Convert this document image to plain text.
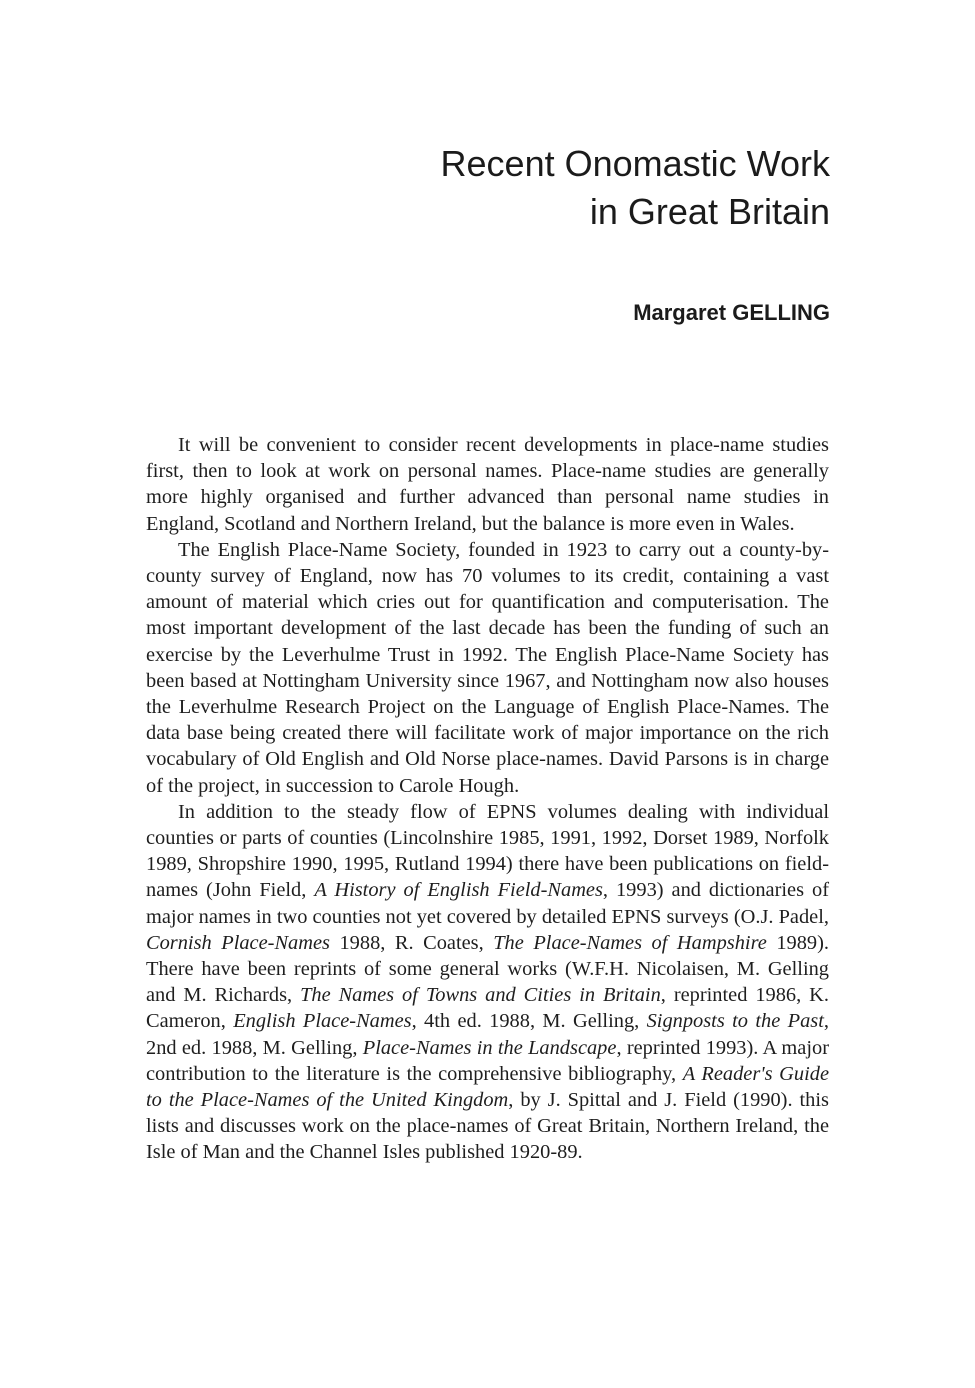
Recent Onomastic Work
in Great Britain
Margaret GELLING

It will be convenient to consider recent developments in place-name studies first, then to look at work on personal names. Place-name studies are generally more highly organised and further advanced than personal name studies in England, Scotland and Northern Ireland, but the balance is more even in Wales.

The English Place-Name Society, founded in 1923 to carry out a county-by-county survey of England, now has 70 volumes to its credit, containing a vast amount of material which cries out for quantification and computerisation. The most important development of the last decade has been the funding of such an exercise by the Leverhulme Trust in 1992. The English Place-Name Society has been based at Nottingham University since 1967, and Nottingham now also houses the Leverhulme Research Project on the Language of English Place-Names. The data base being created there will facilitate work of major importance on the rich vocabulary of Old English and Old Norse place-names. David Parsons is in charge of the project, in succession to Carole Hough.

In addition to the steady flow of EPNS volumes dealing with individual counties or parts of counties (Lincolnshire 1985, 1991, 1992, Dorset 1989, Norfolk 1989, Shropshire 1990, 1995, Rutland 1994) there have been publications on field-names (John Field, A History of English Field-Names, 1993) and dictionaries of major names in two counties not yet covered by detailed EPNS surveys (O.J. Padel, Cornish Place-Names 1988, R. Coates, The Place-Names of Hampshire 1989). There have been reprints of some general works (W.F.H. Nicolaisen, M. Gelling and M. Richards, The Names of Towns and Cities in Britain, reprinted 1986, K. Cameron, English Place-Names, 4th ed. 1988, M. Gelling, Signposts to the Past, 2nd ed. 1988, M. Gelling, Place-Names in the Landscape, reprinted 1993). A major contribution to the literature is the comprehensive bibliography, A Reader's Guide to the Place-Names of the United Kingdom, by J. Spittal and J. Field (1990). this lists and discusses work on the place-names of Great Britain, Northern Ireland, the Isle of Man and the Channel Isles published 1920-89.
